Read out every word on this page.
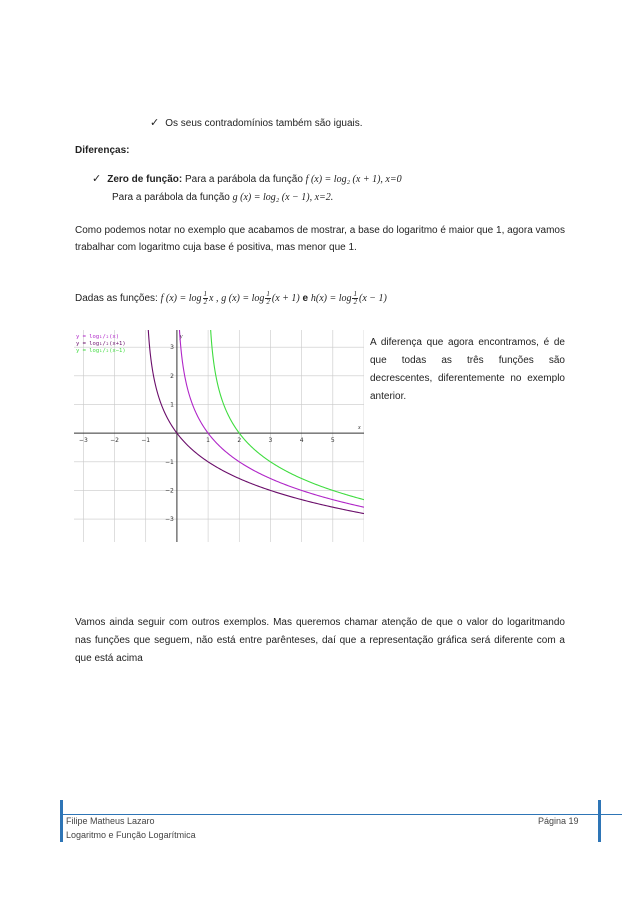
✓ Os seus contradomínios também são iguais.
Diferenças:
✓ Zero de função: Para a parábola da função f (x) = log₂ (x + 1), x=0
Para a parábola da função g (x) = log₂ (x − 1), x=2.
Como podemos notar no exemplo que acabamos de mostrar, a base do logaritmo é maior que 1, agora vamos trabalhar com logaritmo cuja base é positiva, mas menor que 1.
Dadas as funções: f $(x) = \log \frac{1}{2}$ x , g $(x) = \log \frac{1}{2} (x + 1)$ e $h(x) = \log \frac{1}{2} (x - 1)$
x
y
−3	−2	−1	1	2	3	4	5
3
2
1
−1
−2
−3
y = log₁/₂(x)
y = log₁/₂(x+1)
y = log₁/₂(x−1)
A diferença que agora encontramos, é de que todas as três funções são decrescentes, diferentemente no exemplo anterior.
Vamos ainda seguir com outros exemplos. Mas queremos chamar atenção de que o valor do logaritmando nas funções que seguem, não está entre parênteses, daí que a representação gráfica será diferente com a que está acima
Filipe Matheus Lazaro
Logaritmo e Função Logarítmica
Página 19
